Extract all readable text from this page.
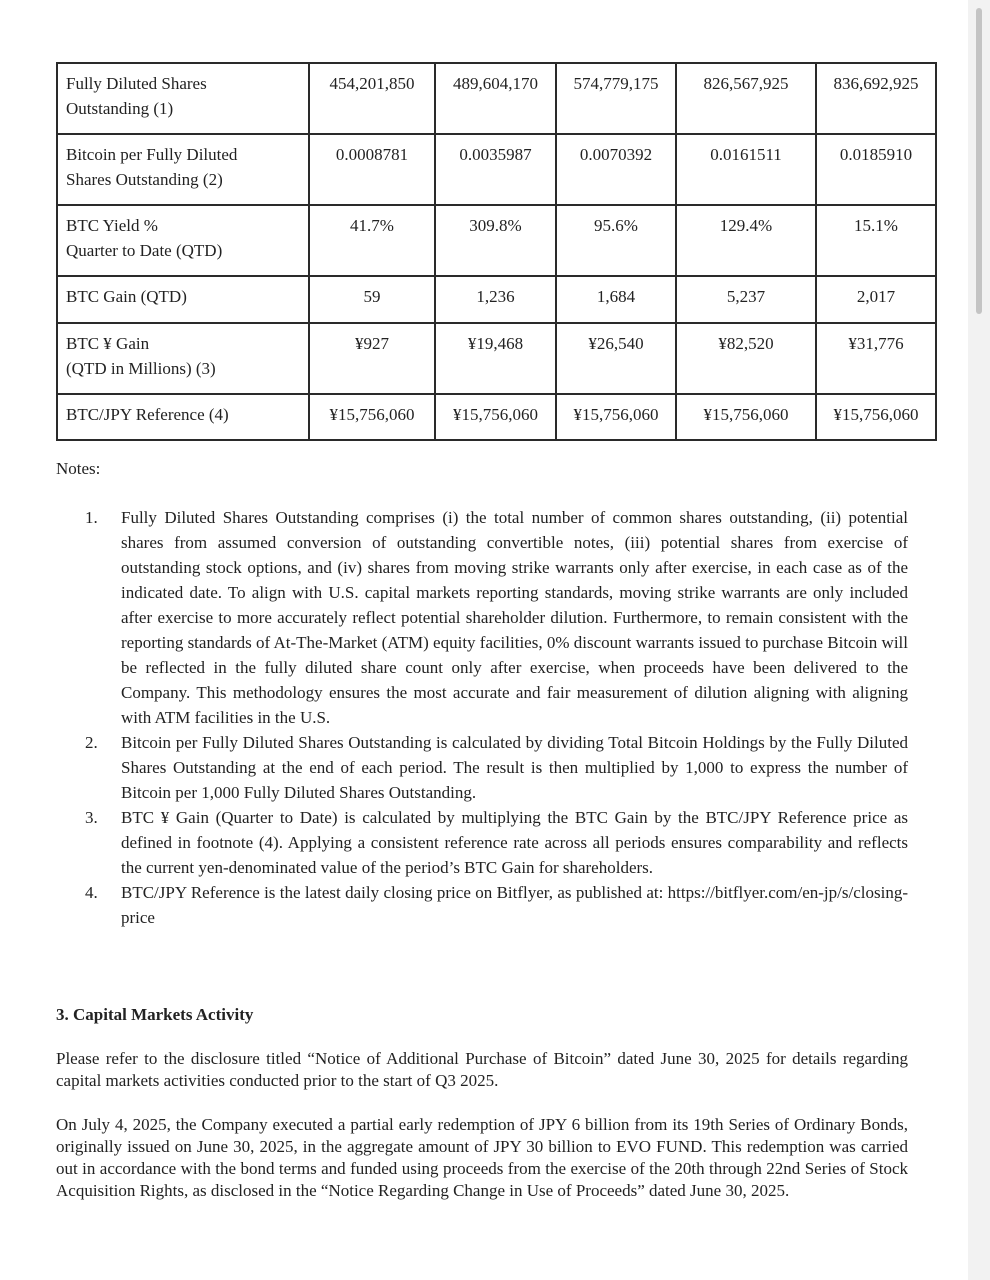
Fully Diluted Shares
Outstanding (1)	454,201,850	489,604,170	574,779,175	826,567,925	836,692,925
Bitcoin per Fully Diluted
Shares Outstanding (2)	0.0008781	0.0035987	0.0070392	0.0161511	0.0185910
BTC Yield %
Quarter to Date (QTD)	41.7%	309.8%	95.6%	129.4%	15.1%
BTC Gain (QTD)	59	1,236	1,684	5,237	2,017
BTC ¥ Gain
(QTD in Millions) (3)	¥927	¥19,468	¥26,540	¥82,520	¥31,776
BTC/JPY Reference (4)	¥15,756,060	¥15,756,060	¥15,756,060	¥15,756,060	¥15,756,060

Notes:

1. Fully Diluted Shares Outstanding comprises (i) the total number of common shares outstanding, (ii) potential shares from assumed conversion of outstanding convertible notes, (iii) potential shares from exercise of outstanding stock options, and (iv) shares from moving strike warrants only after exercise, in each case as of the indicated date. To align with U.S. capital markets reporting standards, moving strike warrants are only included after exercise to more accurately reflect potential shareholder dilution. Furthermore, to remain consistent with the reporting standards of At-The-Market (ATM) equity facilities, 0% discount warrants issued to purchase Bitcoin will be reflected in the fully diluted share count only after exercise, when proceeds have been delivered to the Company. This methodology ensures the most accurate and fair measurement of dilution aligning with aligning with ATM facilities in the U.S.
2. Bitcoin per Fully Diluted Shares Outstanding is calculated by dividing Total Bitcoin Holdings by the Fully Diluted Shares Outstanding at the end of each period. The result is then multiplied by 1,000 to express the number of Bitcoin per 1,000 Fully Diluted Shares Outstanding.
3. BTC ¥ Gain (Quarter to Date) is calculated by multiplying the BTC Gain by the BTC/JPY Reference price as defined in footnote (4). Applying a consistent reference rate across all periods ensures comparability and reflects the current yen-denominated value of the period’s BTC Gain for shareholders.
4. BTC/JPY Reference is the latest daily closing price on Bitflyer, as published at: https://bitflyer.com/en-jp/s/closing-price
3. Capital Markets Activity

Please refer to the disclosure titled “Notice of Additional Purchase of Bitcoin” dated June 30, 2025 for details regarding capital markets activities conducted prior to the start of Q3 2025.

On July 4, 2025, the Company executed a partial early redemption of JPY 6 billion from its 19th Series of Ordinary Bonds, originally issued on June 30, 2025, in the aggregate amount of JPY 30 billion to EVO FUND. This redemption was carried out in accordance with the bond terms and funded using proceeds from the exercise of the 20th through 22nd Series of Stock Acquisition Rights, as disclosed in the “Notice Regarding Change in Use of Proceeds” dated June 30, 2025.
